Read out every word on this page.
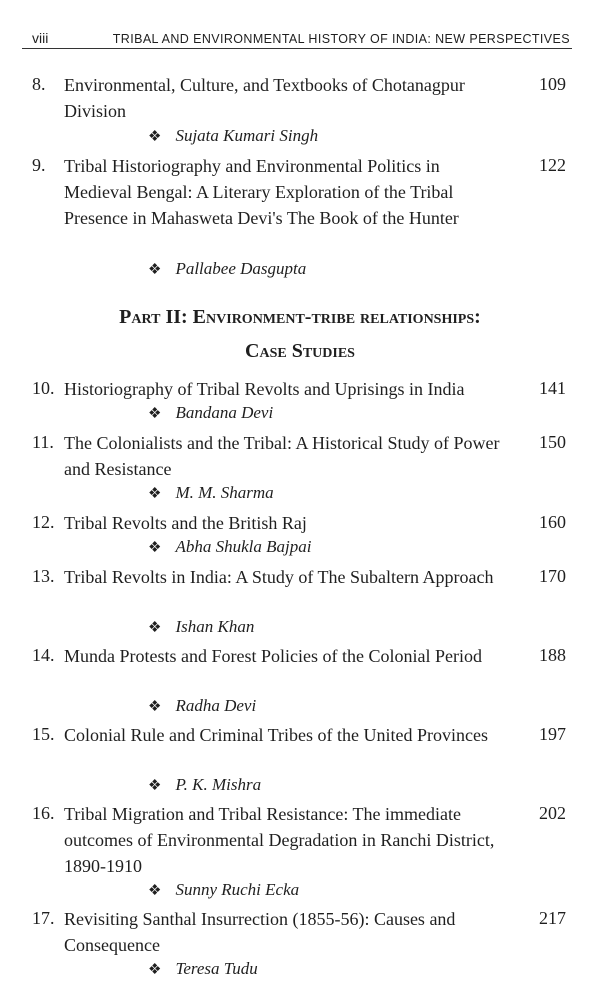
viii	TRIBAL AND ENVIRONMENTAL HISTORY OF INDIA: NEW PERSPECTIVES
8. Environmental, Culture, and Textbooks of Chotanagpur Division
109
❖ Sujata Kumari Singh
9. Tribal Historiography and Environmental Politics in Medieval Bengal: A Literary Exploration of the Tribal Presence in Mahasweta Devi's The Book of the Hunter
122
❖ Pallabee Dasgupta
Part II: Environment-tribe relationships:
Case Studies
10. Historiography of Tribal Revolts and Uprisings in India	141
❖ Bandana Devi
11. The Colonialists and the Tribal: A Historical Study of Power and Resistance
150
❖ M. M. Sharma
12. Tribal Revolts and the British Raj	160
❖ Abha Shukla Bajpai
13. Tribal Revolts in India: A Study of The Subaltern Approach	170
❖ Ishan Khan
14. Munda Protests and Forest Policies of the Colonial Period	188
❖ Radha Devi
15. Colonial Rule and Criminal Tribes of the United Provinces	197
❖ P. K. Mishra
16. Tribal Migration and Tribal Resistance: The immediate outcomes of Environmental Degradation in Ranchi District, 1890-1910
202
❖ Sunny Ruchi Ecka
17. Revisiting Santhal Insurrection (1855-56): Causes and Consequence
217
❖ Teresa Tudu
